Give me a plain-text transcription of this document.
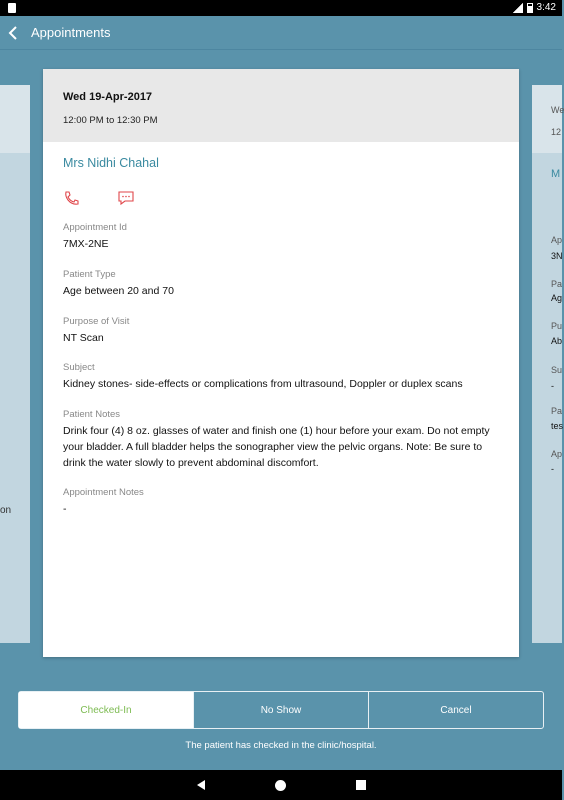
3:42
Appointments
on
We
12
M
Ap
3N
Pa
Ag
Pu
Ab
Su
-
Pa
tes
Ap
-
Wed 19-Apr-2017
12:00 PM to 12:30 PM
Mrs Nidhi Chahal
Appointment Id
7MX-2NE
Patient Type
Age between 20 and 70
Purpose of Visit
NT Scan
Subject
Kidney stones- side-effects or complications from ultrasound, Doppler or duplex scans
Patient Notes
Drink four (4) 8 oz. glasses of water and finish one (1) hour before your exam. Do not empty your bladder. A full bladder helps the sonographer view the pelvic organs. Note: Be sure to drink the water slowly to prevent abdominal discomfort.
Appointment Notes
-
Checked-In	No Show	Cancel
The patient has checked in the clinic/hospital.
